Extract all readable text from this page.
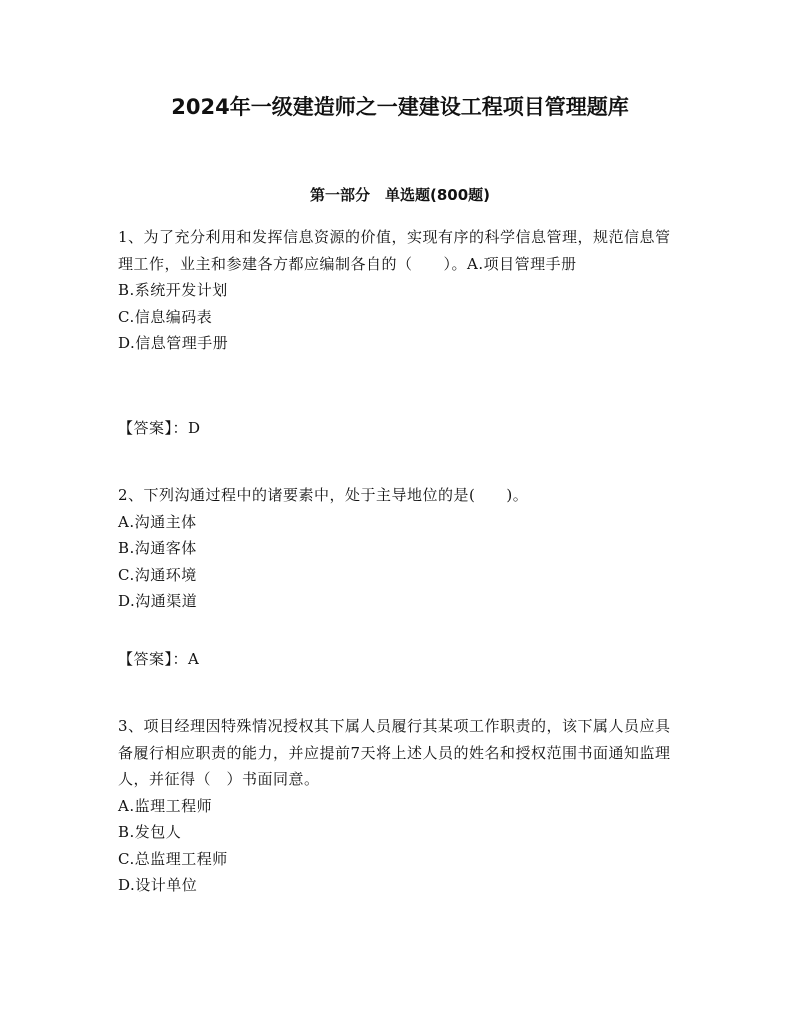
2024年一级建造师之一建建设工程项目管理题库
第一部分　单选题(800题)

1、为了充分利用和发挥信息资源的价值，实现有序的科学信息管理，规范信息管理工作，业主和参建各方都应编制各自的（　　）。A.项目管理手册

B.系统开发计划

C.信息编码表

D.信息管理手册

【答案】：D

2、下列沟通过程中的诸要素中，处于主导地位的是(　　)。

A.沟通主体

B.沟通客体

C.沟通环境

D.沟通渠道

【答案】：A

3、项目经理因特殊情况授权其下属人员履行其某项工作职责的，该下属人员应具备履行相应职责的能力，并应提前7天将上述人员的姓名和授权范围书面通知监理人，并征得（　）书面同意。

A.监理工程师

B.发包人

C.总监理工程师

D.设计单位
